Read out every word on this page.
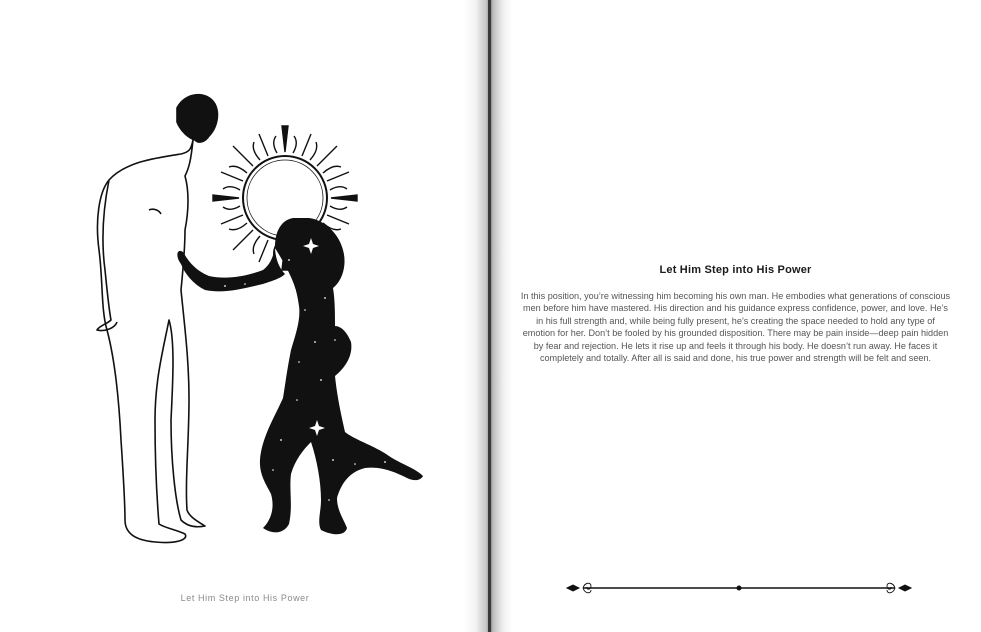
Let Him Step into His Power
Let Him Step into His Power
In this position, you’re witnessing him becoming his own man. He embodies what generations of conscious men before him have mastered. His direction and his guidance express confidence, power, and love. He’s in his full strength and, while being fully present, he’s creating the space needed to hold any type of emotion for her. Don’t be fooled by his grounded disposition. There may be pain inside—deep pain hidden by fear and rejection. He lets it rise up and feels it through his body. He doesn’t run away. He faces it completely and totally. After all is said and done, his true power and strength will be felt and seen.
